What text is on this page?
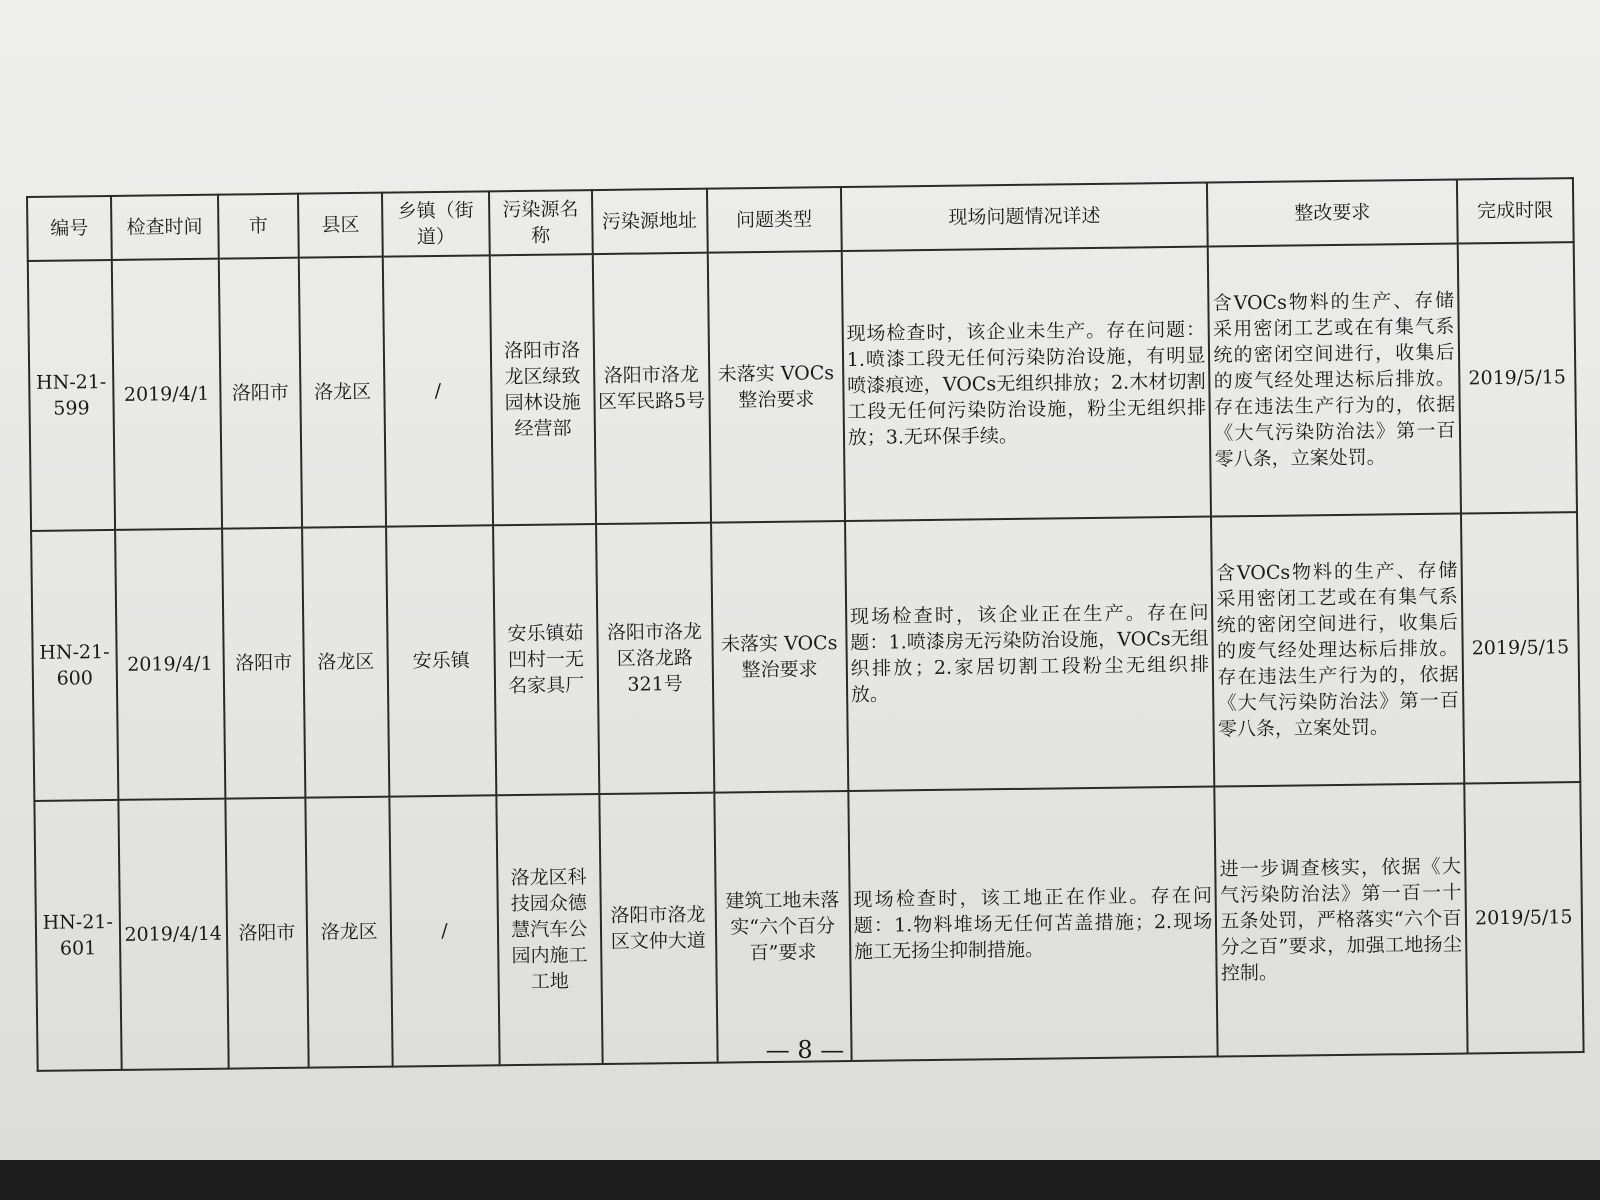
编号	检查时间	市	县区	乡镇（街道）	污染源名称	污染源地址	问题类型	现场问题情况详述	整改要求	完成时限
HN-21-599	2019/4/1	洛阳市	洛龙区	/	洛阳市洛龙区绿致园林设施经营部	洛阳市洛龙区军民路5号	未落实 VOCs 整治要求	现场检查时，该企业未生产。存在问题：1.喷漆工段无任何污染防治设施，有明显喷漆痕迹，VOCs无组织排放；2.木材切割工段无任何污染防治设施，粉尘无组织排放；3.无环保手续。	含VOCs物料的生产、存储采用密闭工艺或在有集气系统的密闭空间进行，收集后的废气经处理达标后排放。存在违法生产行为的，依据《大气污染防治法》第一百零八条，立案处罚。	2019/5/15
HN-21-600	2019/4/1	洛阳市	洛龙区	安乐镇	安乐镇茹凹村一无名家具厂	洛阳市洛龙区洛龙路321号	未落实 VOCs 整治要求	现场检查时，该企业正在生产。存在问题：1.喷漆房无污染防治设施，VOCs无组织排放；2.家居切割工段粉尘无组织排放。	含VOCs物料的生产、存储采用密闭工艺或在有集气系统的密闭空间进行，收集后的废气经处理达标后排放。存在违法生产行为的，依据《大气污染防治法》第一百零八条，立案处罚。	2019/5/15
HN-21-601	2019/4/14	洛阳市	洛龙区	/	洛龙区科技园众德慧汽车公园内施工工地	洛阳市洛龙区文仲大道	建筑工地未落实“六个百分百”要求	现场检查时，该工地正在作业。存在问题：1.物料堆场无任何苫盖措施；2.现场施工无扬尘抑制措施。	进一步调查核实，依据《大气污染防治法》第一百一十五条处罚，严格落实“六个百分之百”要求，加强工地扬尘控制。	2019/5/15
— 8 —
